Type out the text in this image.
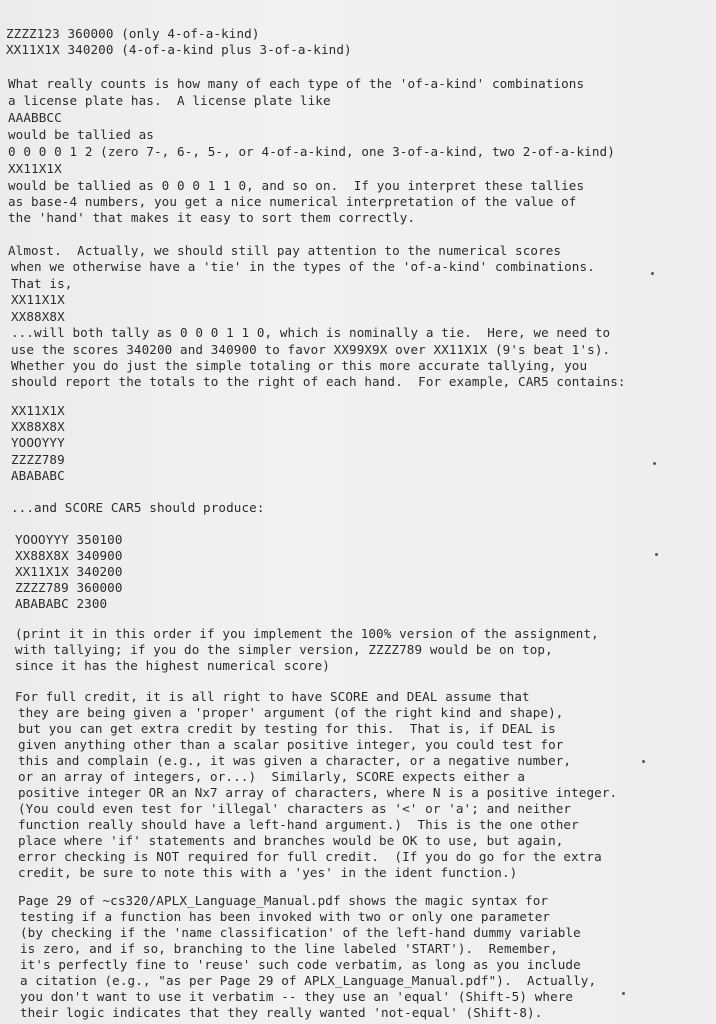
ZZZZ123 360000 (only 4-of-a-kind)
XX11X1X 340200 (4-of-a-kind plus 3-of-a-kind)
What really counts is how many of each type of the 'of-a-kind' combinations
a license plate has.  A license plate like
AAABBCC
would be tallied as
0 0 0 0 1 2 (zero 7-, 6-, 5-, or 4-of-a-kind, one 3-of-a-kind, two 2-of-a-kind)
XX11X1X
would be tallied as 0 0 0 1 1 0, and so on.  If you interpret these tallies
as base-4 numbers, you get a nice numerical interpretation of the value of
the 'hand' that makes it easy to sort them correctly.
Almost.  Actually, we should still pay attention to the numerical scores
when we otherwise have a 'tie' in the types of the 'of-a-kind' combinations.
That is,
XX11X1X
XX88X8X
...will both tally as 0 0 0 1 1 0, which is nominally a tie.  Here, we need to
use the scores 340200 and 340900 to favor XX99X9X over XX11X1X (9's beat 1's).
Whether you do just the simple totaling or this more accurate tallying, you
should report the totals to the right of each hand.  For example, CAR5 contains:
XX11X1X
XX88X8X
YOOOYYY
ZZZZ789
ABABABC
...and SCORE CAR5 should produce:
YOOOYYY 350100
XX88X8X 340900
XX11X1X 340200
ZZZZ789 360000
ABABABC 2300
(print it in this order if you implement the 100% version of the assignment,
with tallying; if you do the simpler version, ZZZZ789 would be on top,
since it has the highest numerical score)
For full credit, it is all right to have SCORE and DEAL assume that
they are being given a 'proper' argument (of the right kind and shape),
but you can get extra credit by testing for this.  That is, if DEAL is
given anything other than a scalar positive integer, you could test for
this and complain (e.g., it was given a character, or a negative number,
or an array of integers, or...)  Similarly, SCORE expects either a
positive integer OR an Nx7 array of characters, where N is a positive integer.
(You could even test for 'illegal' characters as '<' or 'a'; and neither
function really should have a left-hand argument.)  This is the one other
place where 'if' statements and branches would be OK to use, but again,
error checking is NOT required for full credit.  (If you do go for the extra
credit, be sure to note this with a 'yes' in the ident function.)
Page 29 of ~cs320/APLX_Language_Manual.pdf shows the magic syntax for
testing if a function has been invoked with two or only one parameter
(by checking if the 'name classification' of the left-hand dummy variable
is zero, and if so, branching to the line labeled 'START').  Remember,
it's perfectly fine to 'reuse' such code verbatim, as long as you include
a citation (e.g., "as per Page 29 of APLX_Language_Manual.pdf").  Actually,
you don't want to use it verbatim -- they use an 'equal' (Shift-5) where
their logic indicates that they really wanted 'not-equal' (Shift-8).
